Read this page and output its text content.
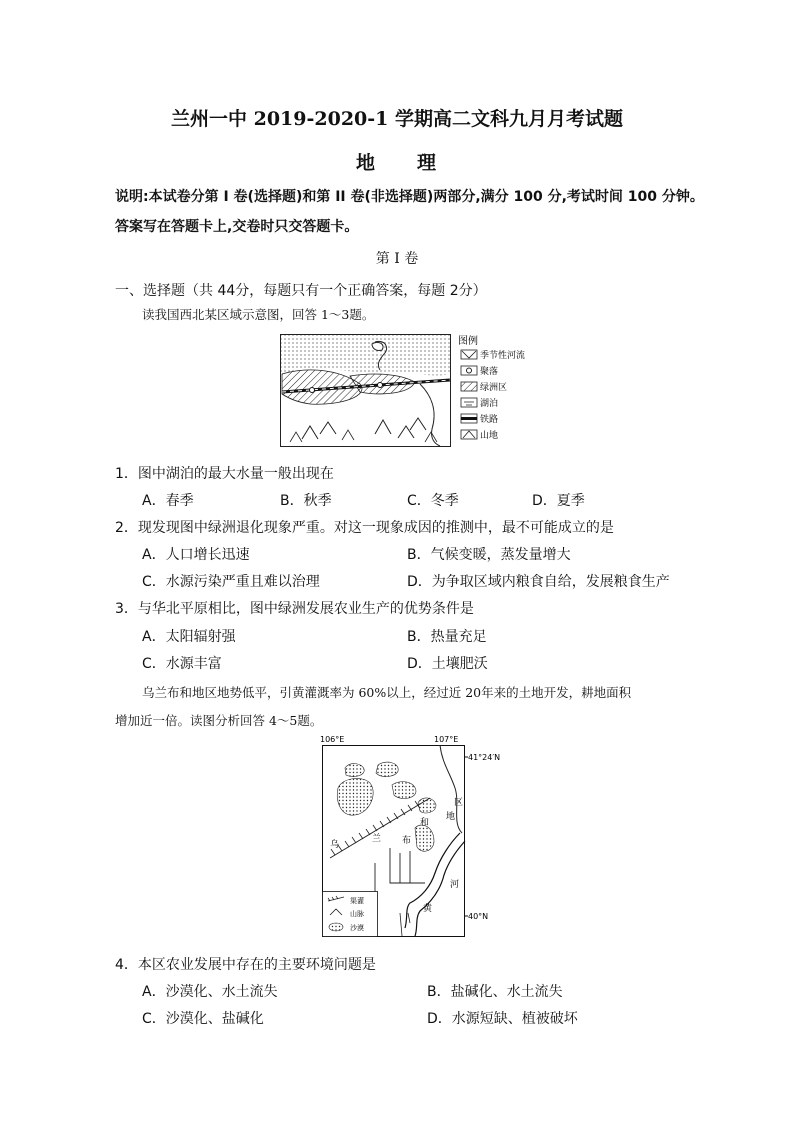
兰州一中 2019-2020-1 学期高二文科九月月考试题
地 理
说明:本试卷分第 I 卷(选择题)和第 II 卷(非选择题)两部分,满分 100 分,考试时间 100 分钟。
答案写在答题卡上,交卷时只交答题卡。
第 I 卷
一、选择题（共 44分，每题只有一个正确答案，每题 2分）
读我国西北某区域示意图，回答 1～3题。
图例
季节性河流
聚落
绿洲区
湖泊
铁路
山地
1．图中湖泊的最大水量一般出现在
A．春季	B．秋季	C．冬季	D．夏季
2．现发现图中绿洲退化现象严重。对这一现象成因的推测中，最不可能成立的是
A．人口增长迅速	B．气候变暖，蒸发量增大
C．水源污染严重且难以治理	D．为争取区域内粮食自给，发展粮食生产
3．与华北平原相比，图中绿洲发展农业生产的优势条件是
A．太阳辐射强	B．热量充足
C．水源丰富	D．土壤肥沃
乌兰布和地区地势低平，引黄灌溉率为 60%以上，经过近 20年来的土地开发，耕地面积
增加近一倍。读图分析回答 4～5题。
106°E	107°E
41°24′N
40°N
乌
兰 布
和
地
区
黄
河
渠灌
山脉
沙漠
4．本区农业发展中存在的主要环境问题是
A．沙漠化、水土流失	B．盐碱化、水土流失
C．沙漠化、盐碱化	D．水源短缺、植被破坏
